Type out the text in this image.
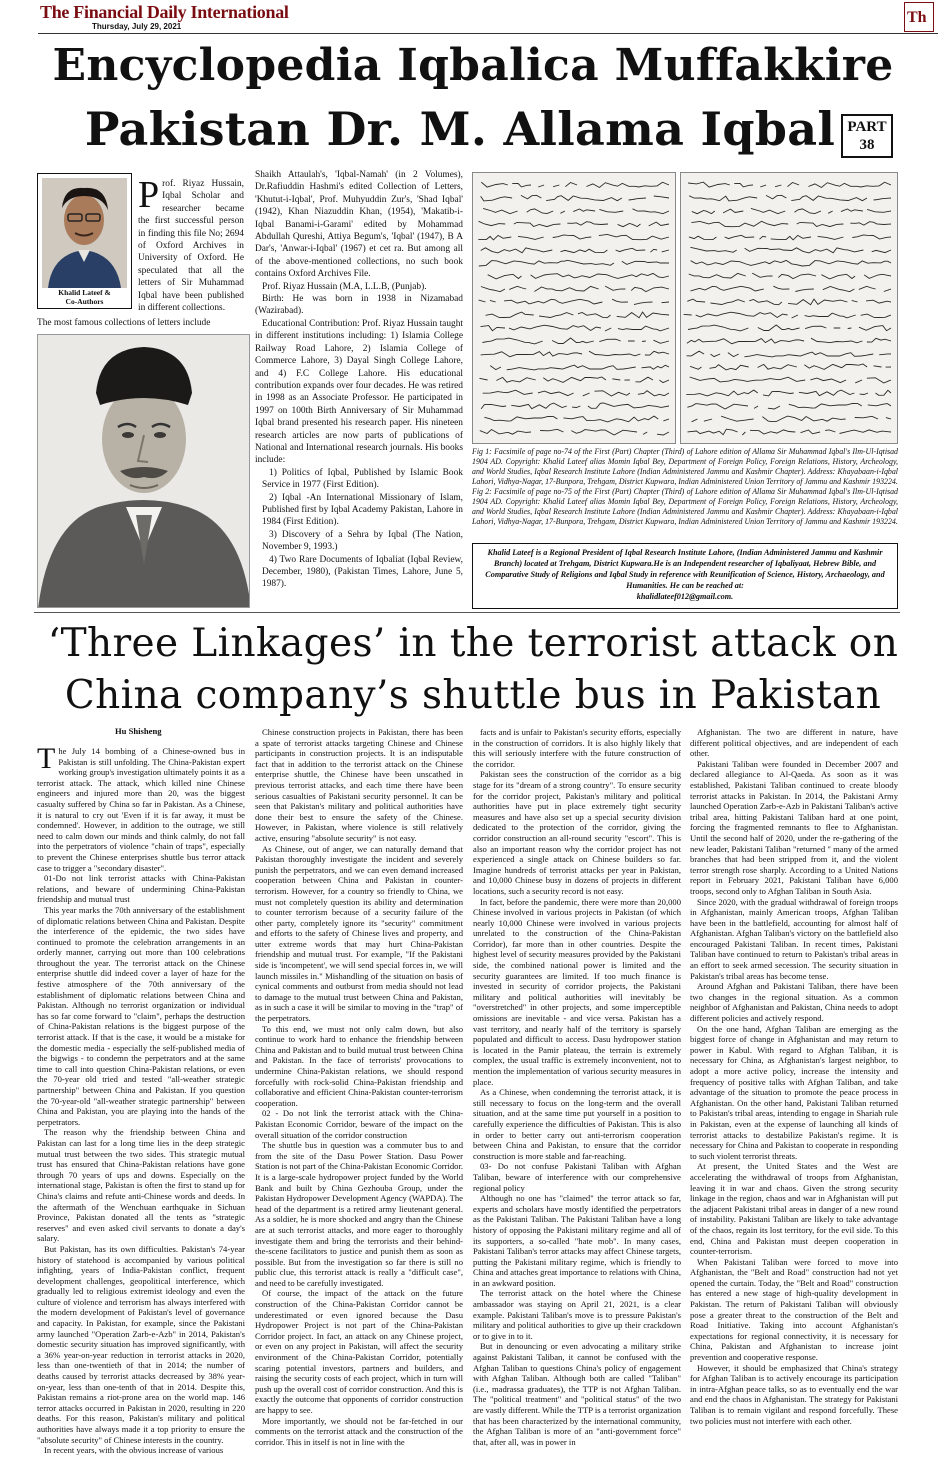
The Financial Daily International
Thursday, July 29, 2021
Th
Encyclopedia Iqbalica Muffakkire
Pakistan Dr. M. Allama Iqbal PART
38
Khalid Lateef &
Co-Authors
Prof. Riyaz Hussain, Iqbal Scholar and researcher became the first successful person in finding this file No; 2694 of Oxford Archives in University of Oxford. He speculated that all the letters of Sir Muhammad Iqbal have been published in different collections.
The most famous collections of letters include

Shaikh Attaulah's, 'Iqbal-Namah' (in 2 Volumes), Dr.Rafiuddin Hashmi's edited Collection of Letters, 'Khutut-i-Iqbal', Prof. Muhyuddin Zur's, 'Shad Iqbal' (1942), Khan Niazuddin Khan, (1954), 'Makatib-i-Iqbal Banami-i-Garami' edited by Mohammad Abdullah Qureshi, Attiya Begum's, 'Iqbal' (1947), B A Dar's, 'Anwar-i-Iqbal' (1967) et cet ra. But among all of the above-mentioned collections, no such book contains Oxford Archives File.

Prof. Riyaz Hussain (M.A, L.L.B, (Punjab).

Birth: He was born in 1938 in Nizamabad (Wazirabad).

Educational Contribution: Prof. Riyaz Hussain taught in different institutions including: 1) Islamia College Railway Road Lahore, 2) Islamia College of Commerce Lahore, 3) Dayal Singh College Lahore, and 4) F.C College Lahore. His educational contribution expands over four decades. He was retired in 1998 as an Associate Professor. He participated in 1997 on 100th Birth Anniversary of Sir Muhammad Iqbal brand presented his research paper. His nineteen research articles are now parts of publications of National and International research journals. His books include:

1) Politics of Iqbal, Published by Islamic Book Service in 1977 (First Edition).

2) Iqbal -An International Missionary of Islam, Published first by Iqbal Academy Pakistan, Lahore in 1984 (First Edition).

3) Discovery of a Sehra by Iqbal (The Nation, November 9, 1993.)

4) Two Rare Documents of Iqbaliat (Iqbal Review, December, 1980), (Pakistan Times, Lahore, June 5, 1987).

Fig 1: Facsimile of page no-74 of the First (Part) Chapter (Third) of Lahore edition of Allama Sir Muhammad Iqbal's Ilm-Ul-Iqtisad 1904 AD. Copyright: Khalid Lateef alias Momin Iqbal Bey, Department of Foreign Policy, Foreign Relations, History, Archeology, and World Studies, Iqbal Research Institute Lahore (Indian Administered Jammu and Kashmir Chapter). Address: Khayabaan-i-Iqbal Lahori, Vidhya-Nagar, 17-Bunpora, Trehgam, District Kupwara, Indian Administered Union Territory of Jammu and Kashmir 193224.

Fig 2: Facsimile of page no-75 of the First (Part) Chapter (Third) of Lahore edition of Allama Sir Muhammad Iqbal's Ilm-Ul-Iqtisad 1904 AD. Copyright: Khalid Lateef alias Momin Iqbal Bey, Department of Foreign Policy, Foreign Relations, History, Archeology, and World Studies, Iqbal Research Institute Lahore (Indian Administered Jammu and Kashmir Chapter). Address: Khayabaan-i-Iqbal Lahori, Vidhya-Nagar, 17-Bunpora, Trehgam, District Kupwara, Indian Administered Union Territory of Jammu and Kashmir 193224.

Khalid Lateef is a Regional President of Iqbal Research Institute Lahore, (Indian Administered Jammu and Kashmir Branch) located at Trehgam, District Kupwara.He is an Independent researcher of Iqbaliyaat, Hebrew Bible, and Comparative Study of Religions and Iqbal Study in reference with Reunification of Science, History, Archaeology, and Humanities. He can be reached at:
khalidlateef012@gmail.com.
‘Three Linkages’ in the terrorist attack on
China company’s shuttle bus in Pakistan
Hu Shisheng

The July 14 bombing of a Chinese-owned bus in Pakistan is still unfolding. The China-Pakistan expert working group's investigation ultimately points it as a terrorist attack. The attack, which killed nine Chinese engineers and injured more than 20, was the biggest casualty suffered by China so far in Pakistan. As a Chinese, it is natural to cry out 'Even if it is far away, it must be condemned'. However, in addition to the outrage, we still need to calm down our minds and think calmly, do not fall into the perpetrators of violence "chain of traps", especially to prevent the Chinese enterprises shuttle bus terror attack case to trigger a "secondary disaster".

01-Do not link terrorist attacks with China-Pakistan relations, and beware of undermining China-Pakistan friendship and mutual trust

This year marks the 70th anniversary of the establishment of diplomatic relations between China and Pakistan. Despite the interference of the epidemic, the two sides have continued to promote the celebration arrangements in an orderly manner, carrying out more than 100 celebrations throughout the year. The terrorist attack on the Chinese enterprise shuttle did indeed cover a layer of haze for the festive atmosphere of the 70th anniversary of the establishment of diplomatic relations between China and Pakistan. Although no terrorist organization or individual has so far come forward to "claim", perhaps the destruction of China-Pakistan relations is the biggest purpose of the terrorist attack. If that is the case, it would be a mistake for the domestic media - especially the self-published media of the bigwigs - to condemn the perpetrators and at the same time to call into question China-Pakistan relations, or even the 70-year old tried and tested "all-weather strategic partnership" between China and Pakistan. If you question the 70-year-old "all-weather strategic partnership" between China and Pakistan, you are playing into the hands of the perpetrators.

The reason why the friendship between China and Pakistan can last for a long time lies in the deep strategic mutual trust between the two sides. This strategic mutual trust has ensured that China-Pakistan relations have gone through 70 years of ups and downs. Especially on the international stage, Pakistan is often the first to stand up for China's claims and refute anti-Chinese words and deeds. In the aftermath of the Wenchuan earthquake in Sichuan Province, Pakistan donated all the tents as "strategic reserves" and even asked civil servants to donate a day's salary.

But Pakistan, has its own difficulties. Pakistan's 74-year history of statehood is accompanied by various political infighting, years of India-Pakistan conflict, frequent development challenges, geopolitical interference, which gradually led to religious extremist ideology and even the culture of violence and terrorism has always interfered with the modern development of Pakistan's level of governance and capacity. In Pakistan, for example, since the Pakistani army launched "Operation Zarb-e-Azb" in 2014, Pakistan's domestic security situation has improved significantly, with a 36% year-on-year reduction in terrorist attacks in 2020, less than one-twentieth of that in 2014; the number of deaths caused by terrorist attacks decreased by 38% year-on-year, less than one-tenth of that in 2014. Despite this, Pakistan remains a riot-prone area on the world map. 146 terror attacks occurred in Pakistan in 2020, resulting in 220 deaths. For this reason, Pakistan's military and political authorities have always made it a top priority to ensure the "absolute security" of Chinese interests in the country.

In recent years, with the obvious increase of various

Chinese construction projects in Pakistan, there has been a spate of terrorist attacks targeting Chinese and Chinese participants in construction projects. It is an indisputable fact that in addition to the terrorist attack on the Chinese enterprise shuttle, the Chinese have been unscathed in previous terrorist attacks, and each time there have been serious casualties of Pakistani security personnel. It can be seen that Pakistan's military and political authorities have done their best to ensure the safety of the Chinese. However, in Pakistan, where violence is still relatively active, ensuring "absolute security" is not easy.

As Chinese, out of anger, we can naturally demand that Pakistan thoroughly investigate the incident and severely punish the perpetrators, and we can even demand increased cooperation between China and Pakistan in counter-terrorism. However, for a country so friendly to China, we must not completely question its ability and determination to counter terrorism because of a security failure of the other party, completely ignore its "security" commitment and efforts to the safety of Chinese lives and property, and utter extreme words that may hurt China-Pakistan friendship and mutual trust. For example, "If the Pakistani side is 'incompetent', we will send special forces in, we will launch missiles in." Mishandling of the situation on basis of cynical comments and outburst from media should not lead to damage to the mutual trust between China and Pakistan, as in such a case it will be similar to moving in the "trap" of the perpetrators.

To this end, we must not only calm down, but also continue to work hard to enhance the friendship between China and Pakistan and to build mutual trust between China and Pakistan. In the face of terrorists' provocations to undermine China-Pakistan relations, we should respond forcefully with rock-solid China-Pakistan friendship and collaborative and efficient China-Pakistan counter-terrorism cooperation.

02 - Do not link the terrorist attack with the China-Pakistan Economic Corridor, beware of the impact on the overall situation of the corridor construction

The shuttle bus in question was a commuter bus to and from the site of the Dasu Power Station. Dasu Power Station is not part of the China-Pakistan Economic Corridor. It is a large-scale hydropower project funded by the World Bank and built by China Gezhouba Group, under the Pakistan Hydropower Development Agency (WAPDA). The head of the department is a retired army lieutenant general. As a soldier, he is more shocked and angry than the Chinese are at such terrorist attacks, and more eager to thoroughly investigate them and bring the terrorists and their behind-the-scene facilitators to justice and punish them as soon as possible. But from the investigation so far there is still no public clue, this terrorist attack is really a "difficult case", and need to be carefully investigated.

Of course, the impact of the attack on the future construction of the China-Pakistan Corridor cannot be underestimated or even ignored because the Dasu Hydropower Project is not part of the China-Pakistan Corridor project. In fact, an attack on any Chinese project, or even on any project in Pakistan, will affect the security environment of the China-Pakistan Corridor, potentially scaring potential investors, partners and builders, and raising the security costs of each project, which in turn will push up the overall cost of corridor construction. And this is exactly the outcome that opponents of corridor construction are happy to see.

More importantly, we should not be far-fetched in our comments on the terrorist attack and the construction of the corridor. This in itself is not in line with the

facts and is unfair to Pakistan's security efforts, especially in the construction of corridors. It is also highly likely that this will seriously interfere with the future construction of the corridor.

Pakistan sees the construction of the corridor as a big stage for its "dream of a strong country". To ensure security for the corridor project, Pakistan's military and political authorities have put in place extremely tight security measures and have also set up a special security division dedicated to the protection of the corridor, giving the corridor construction an all-round security "escort". This is also an important reason why the corridor project has not experienced a single attack on Chinese builders so far. Imagine hundreds of terrorist attacks per year in Pakistan, and 10,000 Chinese busy in dozens of projects in different locations, such a security record is not easy.

In fact, before the pandemic, there were more than 20,000 Chinese involved in various projects in Pakistan (of which nearly 10,000 Chinese were involved in various projects unrelated to the construction of the China-Pakistan Corridor), far more than in other countries. Despite the highest level of security measures provided by the Pakistani side, the combined national power is limited and the security guarantees are limited. If too much finance is invested in security of corridor projects, the Pakistani military and political authorities will inevitably be "overstretched" in other projects, and some imperceptible omissions are inevitable - and vice versa. Pakistan has a vast territory, and nearly half of the territory is sparsely populated and difficult to access. Dasu hydropower station is located in the Pamir plateau, the terrain is extremely complex, the usual traffic is extremely inconvenient, not to mention the implementation of various security measures in place.

As a Chinese, when condemning the terrorist attack, it is still necessary to focus on the long-term and the overall situation, and at the same time put yourself in a position to carefully experience the difficulties of Pakistan. This is also in order to better carry out anti-terrorism cooperation between China and Pakistan, to ensure that the corridor construction is more stable and far-reaching.

03- Do not confuse Pakistani Taliban with Afghan Taliban, beware of interference with our comprehensive regional policy

Although no one has "claimed" the terror attack so far, experts and scholars have mostly identified the perpetrators as the Pakistani Taliban. The Pakistani Taliban have a long history of opposing the Pakistani military regime and all of its supporters, a so-called "hate mob". In many cases, Pakistani Taliban's terror attacks may affect Chinese targets, putting the Pakistani military regime, which is friendly to China and attaches great importance to relations with China, in an awkward position.

The terrorist attack on the hotel where the Chinese ambassador was staying on April 21, 2021, is a clear example. Pakistani Taliban's move is to pressure Pakistan's military and political authorities to give up their crackdown or to give in to it.

But in denouncing or even advocating a military strike against Pakistani Taliban, it cannot be confused with the Afghan Taliban to questions China's policy of engagement with Afghan Taliban. Although both are called "Taliban" (i.e., madrassa graduates), the TTP is not Afghan Taliban. The "political treatment" and "political status" of the two are vastly different. While the TTP is a terrorist organization that has been characterized by the international community, the Afghan Taliban is more of an "anti-government force" that, after all, was in power in

Afghanistan. The two are different in nature, have different political objectives, and are independent of each other.

Pakistani Taliban were founded in December 2007 and declared allegiance to Al-Qaeda. As soon as it was established, Pakistani Taliban continued to create bloody terrorist attacks in Pakistan. In 2014, the Pakistani Army launched Operation Zarb-e-Azb in Pakistani Taliban's active tribal area, hitting Pakistani Taliban hard at one point, forcing the fragmented remnants to flee to Afghanistan. Until the second half of 2020, under the re-gathering of the new leader, Pakistani Taliban "returned " many of the armed branches that had been stripped from it, and the violent terror strength rose sharply. According to a United Nations report in February 2021, Pakistani Taliban have 6,000 troops, second only to Afghan Taliban in South Asia.

Since 2020, with the gradual withdrawal of foreign troops in Afghanistan, mainly American troops, Afghan Taliban have been in the battlefield, accounting for almost half of Afghanistan. Afghan Taliban's victory on the battlefield also encouraged Pakistani Taliban. In recent times, Pakistani Taliban have continued to return to Pakistan's tribal areas in an effort to seek armed secession. The security situation in Pakistan's tribal areas has become tense.

Around Afghan and Pakistani Taliban, there have been two changes in the regional situation. As a common neighbor of Afghanistan and Pakistan, China needs to adopt different policies and actively respond.

On the one hand, Afghan Taliban are emerging as the biggest force of change in Afghanistan and may return to power in Kabul. With regard to Afghan Taliban, it is necessary for China, as Afghanistan's largest neighbor, to adopt a more active policy, increase the intensity and frequency of positive talks with Afghan Taliban, and take advantage of the situation to promote the peace process in Afghanistan. On the other hand, Pakistani Taliban returned to Pakistan's tribal areas, intending to engage in Shariah rule in Pakistan, even at the expense of launching all kinds of terrorist attacks to destabilize Pakistan's regime. It is necessary for China and Pakistan to cooperate in responding to such violent terrorist threats.

At present, the United States and the West are accelerating the withdrawal of troops from Afghanistan, leaving it in war and chaos. Given the strong security linkage in the region, chaos and war in Afghanistan will put the adjacent Pakistani tribal areas in danger of a new round of instability. Pakistani Taliban are likely to take advantage of the chaos, regain its lost territory, for the evil side. To this end, China and Pakistan must deepen cooperation in counter-terrorism.

When Pakistani Taliban were forced to move into Afghanistan, the "Belt and Road" construction had not yet opened the curtain. Today, the "Belt and Road" construction has entered a new stage of high-quality development in Pakistan. The return of Pakistani Taliban will obviously pose a greater threat to the construction of the Belt and Road Initiative. Taking into account Afghanistan's expectations for regional connectivity, it is necessary for China, Pakistan and Afghanistan to increase joint prevention and cooperative response.

However, it should be emphasized that China's strategy for Afghan Taliban is to actively encourage its participation in intra-Afghan peace talks, so as to eventually end the war and end the chaos in Afghanistan. The strategy for Pakistani Taliban is to remain vigilant and respond forcefully. These two policies must not interfere with each other.
